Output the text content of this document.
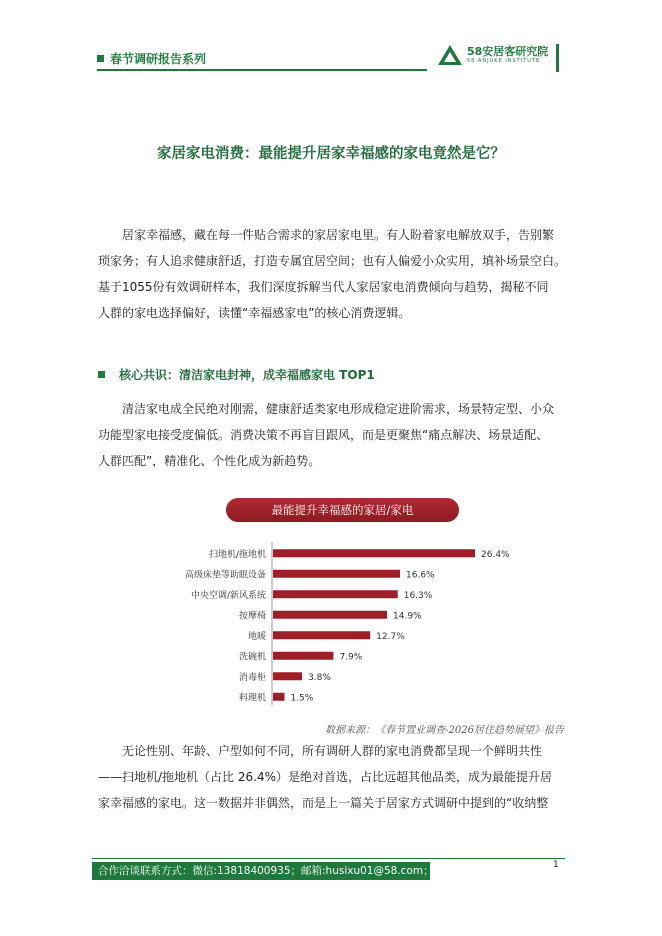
春节调研报告系列
58安居客研究院
58·ANJUKE INSTITUTE
家居家电消费：最能提升居家幸福感的家电竟然是它？
居家幸福感，藏在每一件贴合需求的家居家电里。有人盼着家电解放双手，告别繁
琐家务；有人追求健康舒适，打造专属宜居空间；也有人偏爱小众实用，填补场景空白。
基于1055份有效调研样本，我们深度拆解当代人家居家电消费倾向与趋势，揭秘不同
人群的家电选择偏好，读懂“幸福感家电”的核心消费逻辑。
核心共识：清洁家电封神，成幸福感家电 TOP1
清洁家电成全民绝对刚需，健康舒适类家电形成稳定进阶需求，场景特定型、小众
功能型家电接受度偏低。消费决策不再盲目跟风，而是更聚焦“痛点解决、场景适配、
人群匹配”，精准化、个性化成为新趋势。
最能提升幸福感的家居/家电
扫地机/拖地机	26.4%
高级床垫等助眠设备	16.6%
中央空调/新风系统	16.3%
按摩椅	14.9%
地暖	12.7%
洗碗机	7.9%
消毒柜	3.8%
料理机	1.5%
数据来源：《春节置业调查-2026居住趋势展望》报告
无论性别、年龄、户型如何不同，所有调研人群的家电消费都呈现一个鲜明共性
——扫地机/拖地机（占比 26.4%）是绝对首选，占比远超其他品类，成为最能提升居
家幸福感的家电。这一数据并非偶然，而是上一篇关于居家方式调研中提到的“收纳整
合作洽谈联系方式：微信:13818400935；邮箱:husixu01@58.com；	1
